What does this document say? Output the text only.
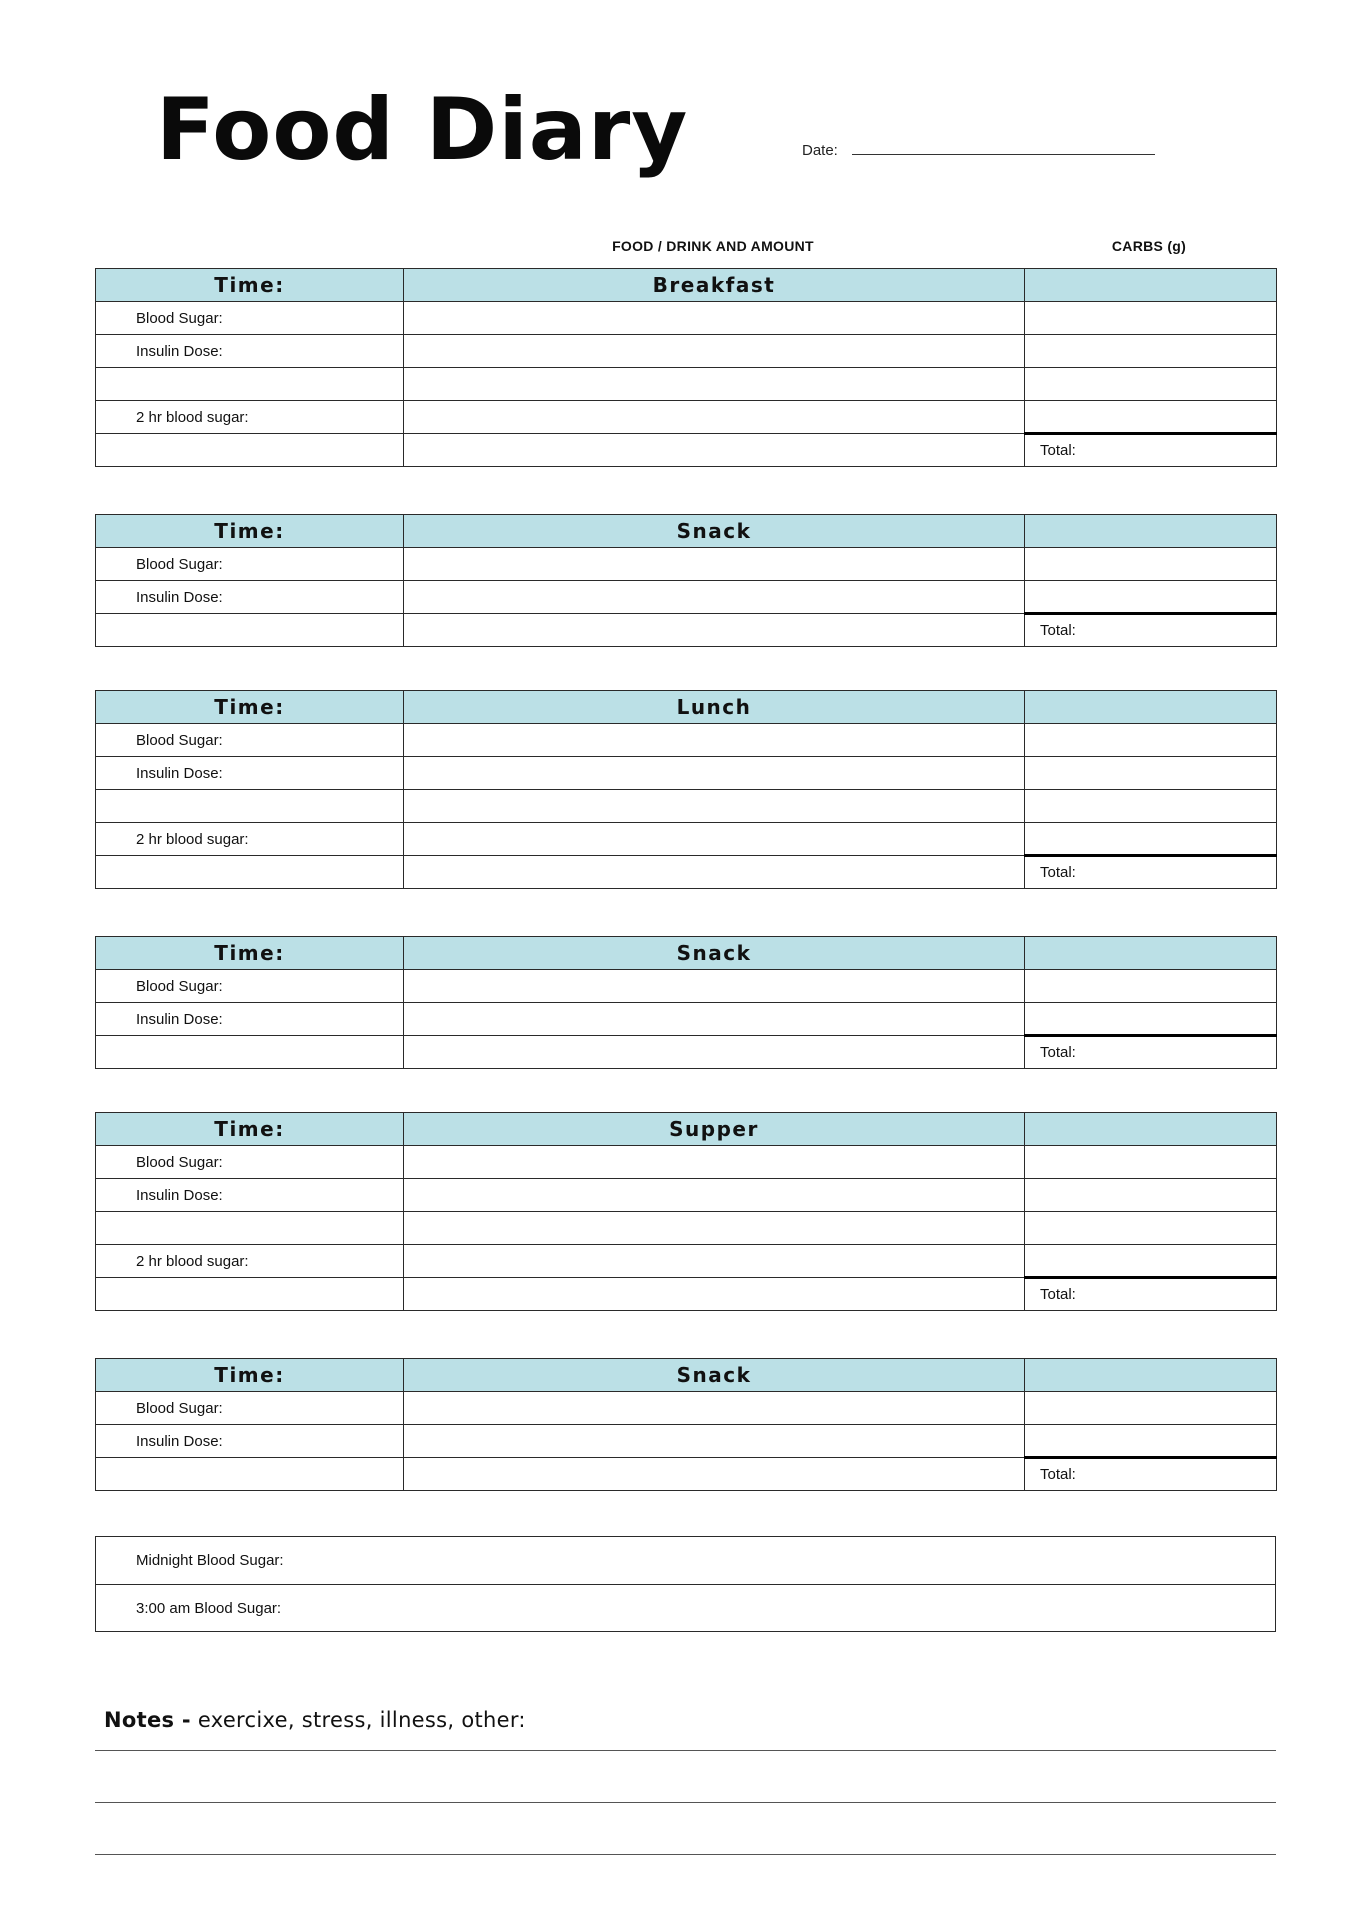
Food Diary	Date:
FOOD / DRINK AND AMOUNT	CARBS (g)
Time:	Breakfast	
Blood Sugar:		
Insulin Dose:		

2 hr blood sugar:		
		Total:
Time:	Snack	
Blood Sugar:		
Insulin Dose:		
		Total:
Time:	Lunch	
Blood Sugar:		
Insulin Dose:		

2 hr blood sugar:		
		Total:
Time:	Snack	
Blood Sugar:		
Insulin Dose:		
		Total:
Time:	Supper	
Blood Sugar:		
Insulin Dose:		

2 hr blood sugar:		
		Total:
Time:	Snack	
Blood Sugar:		
Insulin Dose:		
		Total:
Midnight Blood Sugar:
3:00 am Blood Sugar:
Notes - exercixe, stress, illness, other:
